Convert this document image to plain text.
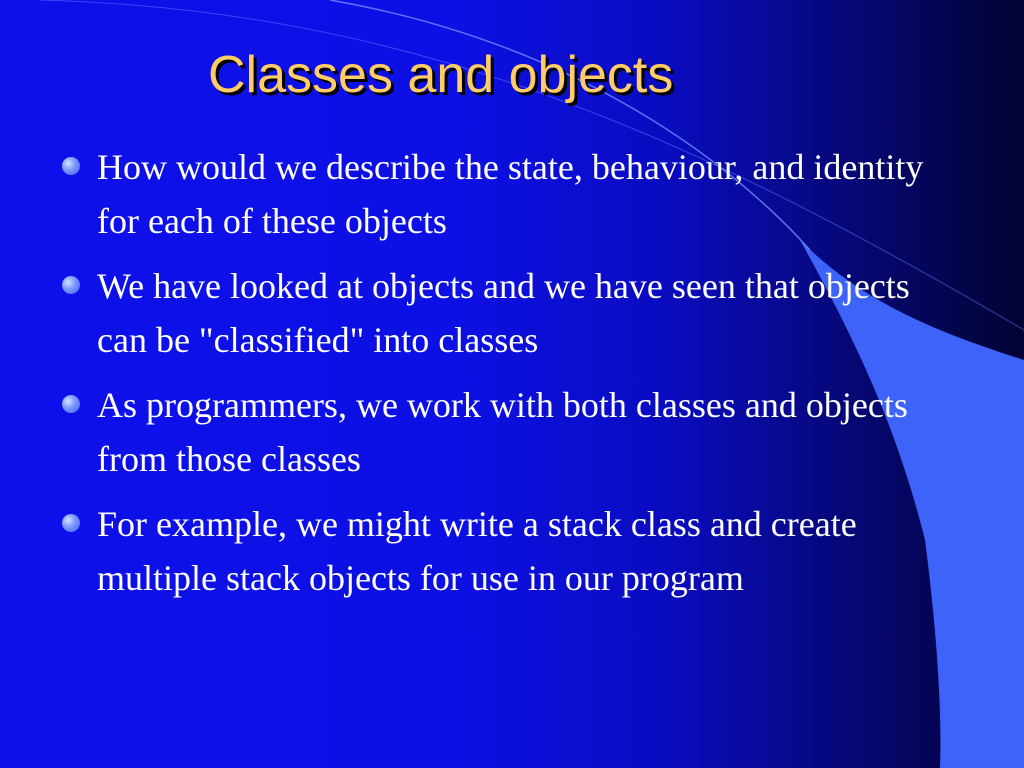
Classes and objects
How would we describe the state, behaviour, and identity for each of these objects
We have looked at objects and we have seen that objects can be "classified" into classes
As programmers, we work with both classes and objects from those classes
For example, we might write a stack class and create multiple stack objects for use in our program
